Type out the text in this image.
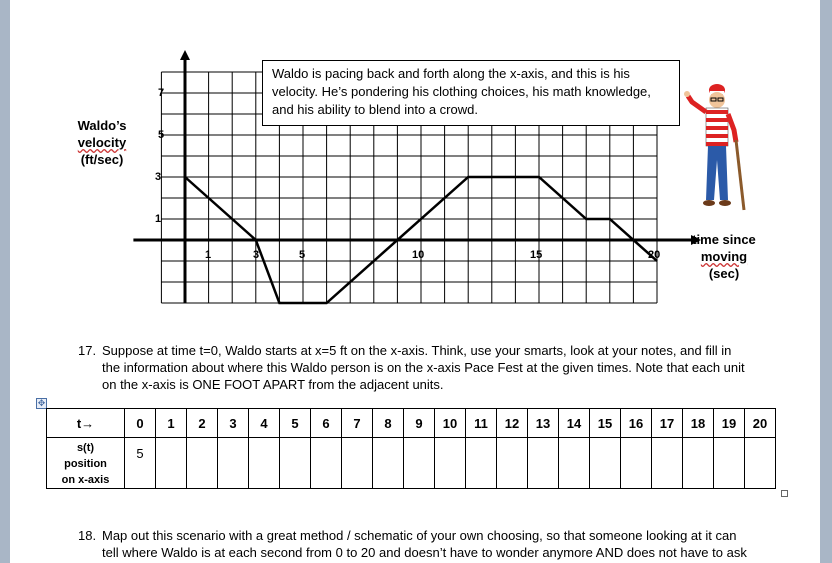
Waldo’s
velocity
(ft/sec)
time since
moving
(sec)
7
5
3
1
1	3	5	10	15	20
Waldo is pacing back and forth along the x-axis, and this is his velocity. He’s pondering his clothing choices, his math knowledge, and his ability to blend into a crowd.
17. Suppose at time t=0, Waldo starts at x=5 ft on the x-axis. Think, use your smarts, look at your notes, and fill in
the information about where this Waldo person is on the x-axis Pace Fest at the given times. Note that each unit
on the x-axis is ONE FOOT APART from the adjacent units.
✥
t→	0	1	2	3	4	5	6	7	8	9	10	11	12	13	14	15	16	17	18	19	20

s(t)
position
on x-axis	5																				
18. Map out this scenario with a great method / schematic of your own choosing, so that someone looking at it can
tell where Waldo is at each second from 0 to 20 and doesn’t have to wonder anymore AND does not have to ask
